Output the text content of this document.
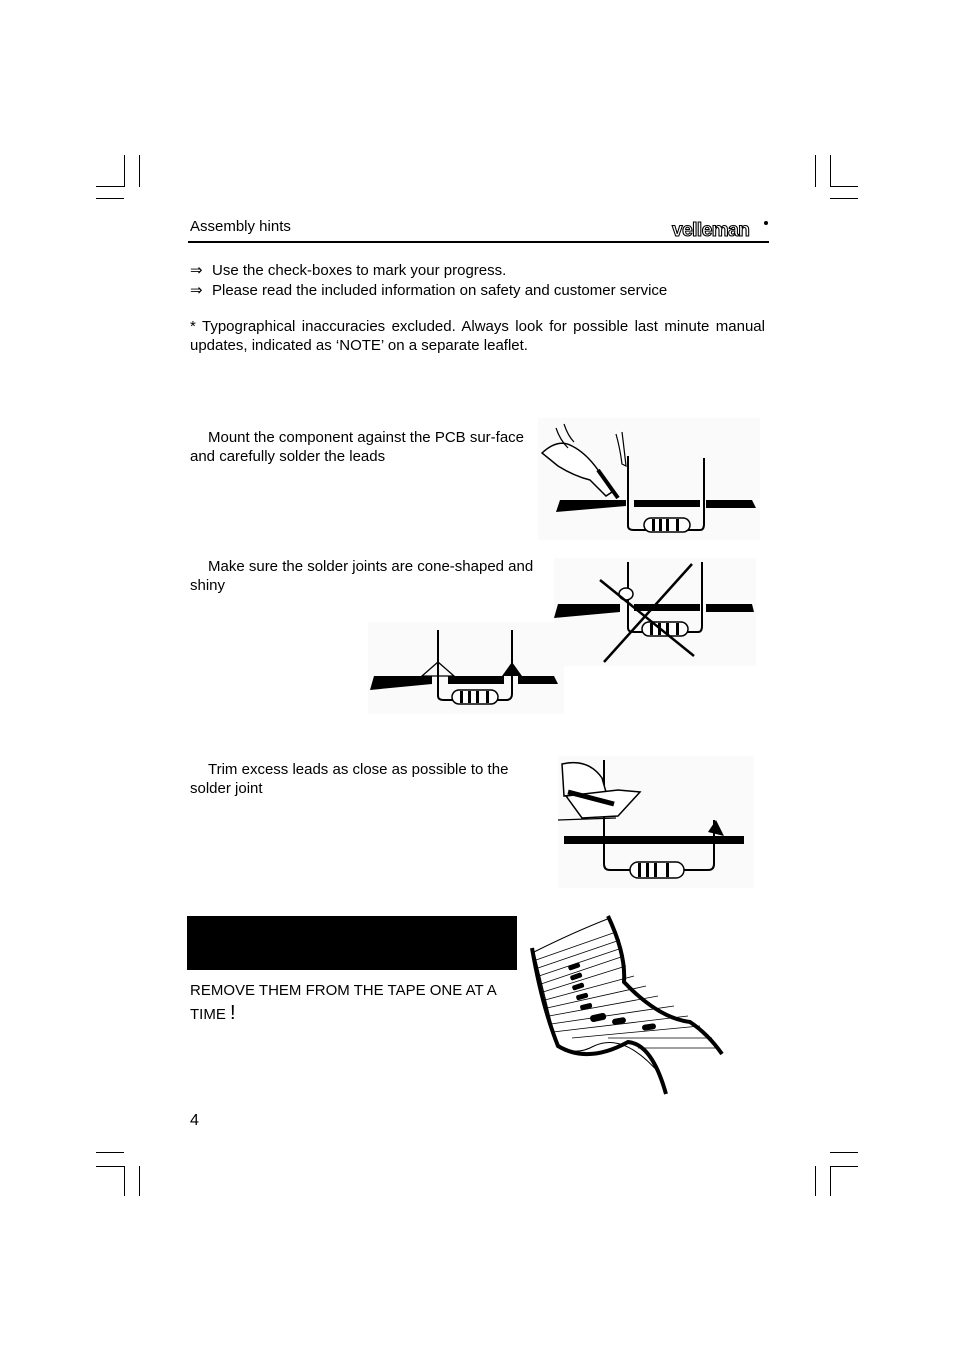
Assembly hints	velleman
⇒ Use the check-boxes to mark your progress.
⇒ Please read the included information on safety and customer service
* Typographical inaccuracies excluded. Always look for possible last minute manual updates, indicated as ‘NOTE’ on a separate leaflet.
Mount the component against the PCB sur-face and carefully solder the leads
Make sure the solder joints are cone-shaped and shiny
Trim excess leads as close as possible to the solder joint
REMOVE THEM FROM THE TAPE ONE AT A TIME !
4
